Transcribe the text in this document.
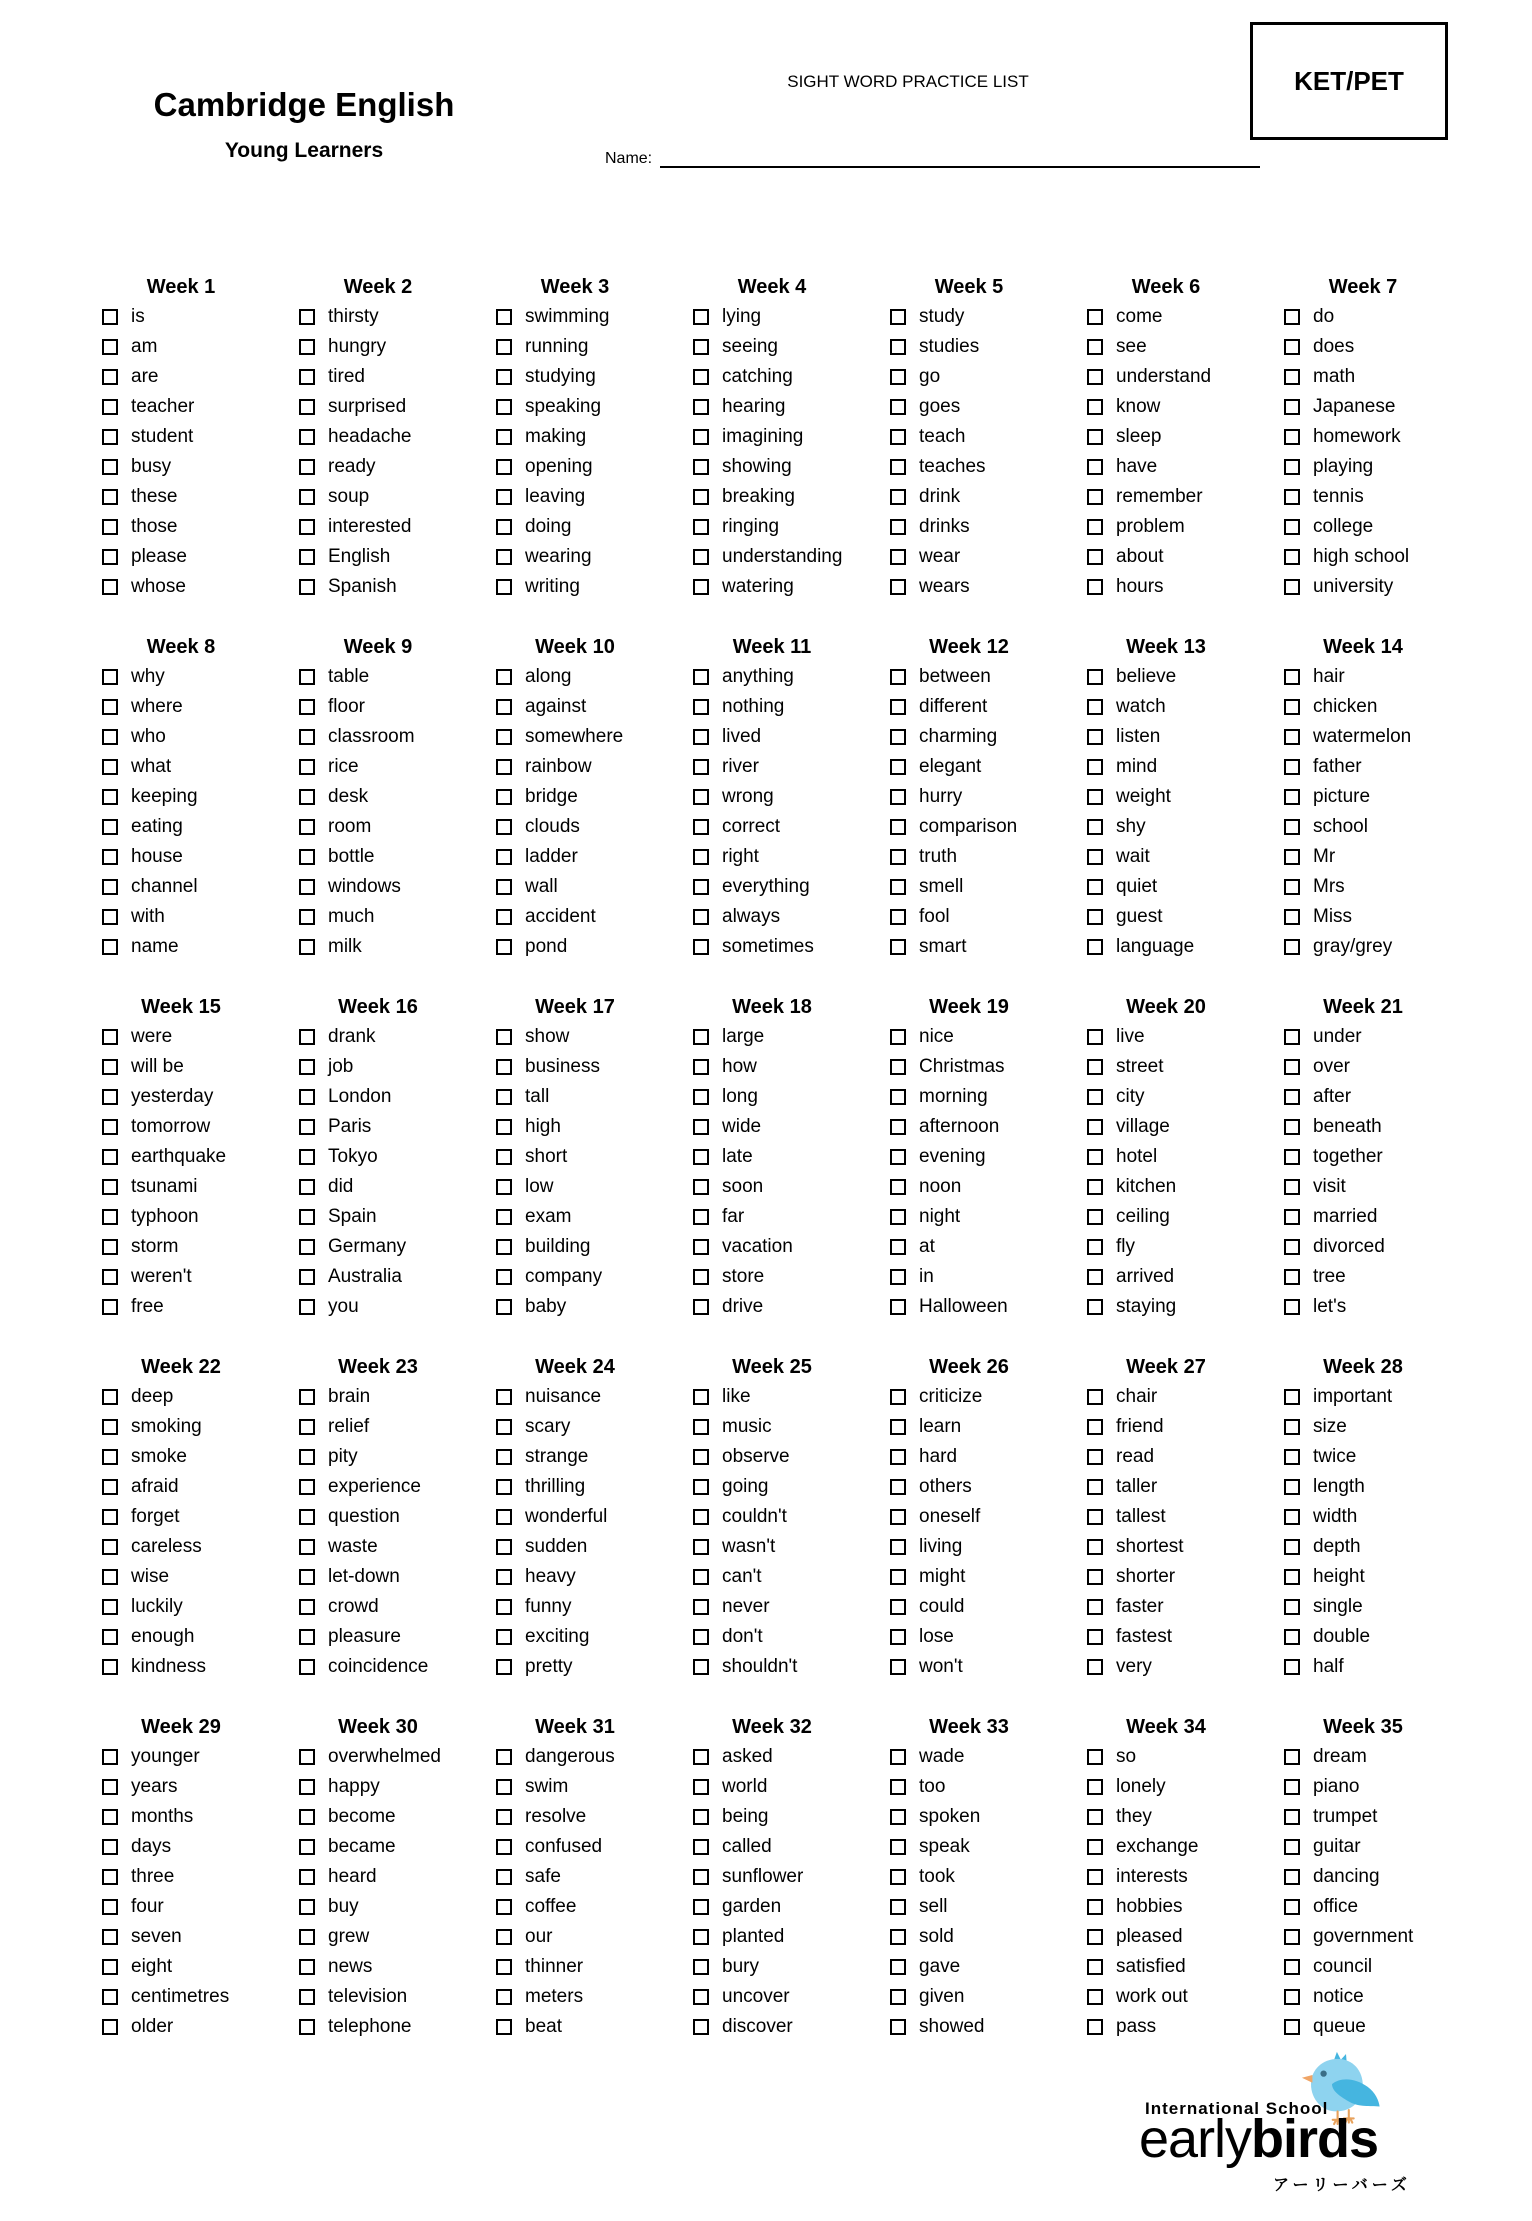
Cambridge English
Young Learners
SIGHT WORD PRACTICE LIST
Name:
KET/PET
Week 1
is
am
are
teacher
student
busy
these
those
please
whose
Week 2
thirsty
hungry
tired
surprised
headache
ready
soup
interested
English
Spanish
Week 3
swimming
running
studying
speaking
making
opening
leaving
doing
wearing
writing
Week 4
lying
seeing
catching
hearing
imagining
showing
breaking
ringing
understanding
watering
Week 5
study
studies
go
goes
teach
teaches
drink
drinks
wear
wears
Week 6
come
see
understand
know
sleep
have
remember
problem
about
hours
Week 7
do
does
math
Japanese
homework
playing
tennis
college
high school
university
Week 8
why
where
who
what
keeping
eating
house
channel
with
name
Week 9
table
floor
classroom
rice
desk
room
bottle
windows
much
milk
Week 10
along
against
somewhere
rainbow
bridge
clouds
ladder
wall
accident
pond
Week 11
anything
nothing
lived
river
wrong
correct
right
everything
always
sometimes
Week 12
between
different
charming
elegant
hurry
comparison
truth
smell
fool
smart
Week 13
believe
watch
listen
mind
weight
shy
wait
quiet
guest
language
Week 14
hair
chicken
watermelon
father
picture
school
Mr
Mrs
Miss
gray/grey
Week 15
were
will be
yesterday
tomorrow
earthquake
tsunami
typhoon
storm
weren't
free
Week 16
drank
job
London
Paris
Tokyo
did
Spain
Germany
Australia
you
Week 17
show
business
tall
high
short
low
exam
building
company
baby
Week 18
large
how
long
wide
late
soon
far
vacation
store
drive
Week 19
nice
Christmas
morning
afternoon
evening
noon
night
at
in
Halloween
Week 20
live
street
city
village
hotel
kitchen
ceiling
fly
arrived
staying
Week 21
under
over
after
beneath
together
visit
married
divorced
tree
let's
Week 22
deep
smoking
smoke
afraid
forget
careless
wise
luckily
enough
kindness
Week 23
brain
relief
pity
experience
question
waste
let-down
crowd
pleasure
coincidence
Week 24
nuisance
scary
strange
thrilling
wonderful
sudden
heavy
funny
exciting
pretty
Week 25
like
music
observe
going
couldn't
wasn't
can't
never
don't
shouldn't
Week 26
criticize
learn
hard
others
oneself
living
might
could
lose
won't
Week 27
chair
friend
read
taller
tallest
shortest
shorter
faster
fastest
very
Week 28
important
size
twice
length
width
depth
height
single
double
half
Week 29
younger
years
months
days
three
four
seven
eight
centimetres
older
Week 30
overwhelmed
happy
become
became
heard
buy
grew
news
television
telephone
Week 31
dangerous
swim
resolve
confused
safe
coffee
our
thinner
meters
beat
Week 32
asked
world
being
called
sunflower
garden
planted
bury
uncover
discover
Week 33
wade
too
spoken
speak
took
sell
sold
gave
given
showed
Week 34
so
lonely
they
exchange
interests
hobbies
pleased
satisfied
work out
pass
Week 35
dream
piano
trumpet
guitar
dancing
office
government
council
notice
queue
International School
earlybirds
アーリーバーズ
